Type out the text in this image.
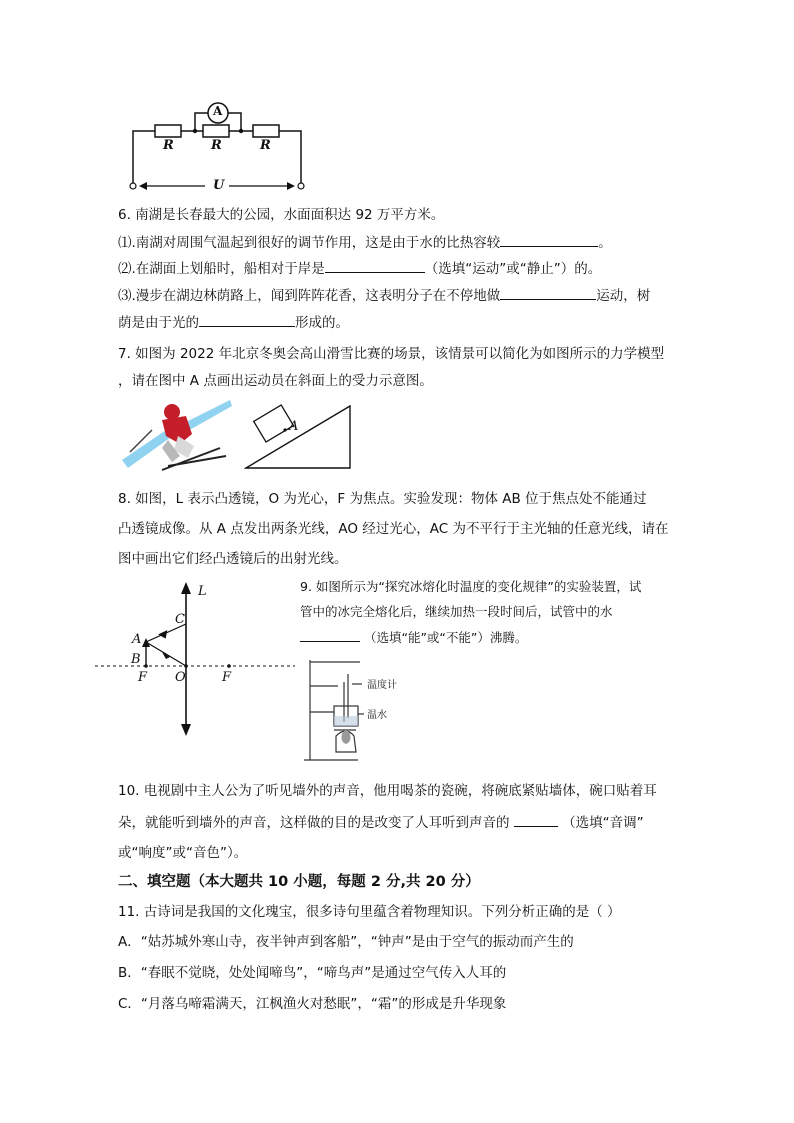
A
R	R	R
U
6. 南湖是长春最大的公园，水面面积达 92 万平方米。
⑴.南湖对周围气温起到很好的调节作用，这是由于水的比热容较	。
⑵.在湖面上划船时，船相对于岸是	（选填“运动”或“静止”）的。
⑶.漫步在湖边林荫路上，闻到阵阵花香，这表明分子在不停地做	运动，树
荫是由于光的	形成的。
7. 如图为 2022 年北京冬奥会高山滑雪比赛的场景，该情景可以简化为如图所示的力学模型
，请在图中 A 点画出运动员在斜面上的受力示意图。
A
8. 如图，L 表示凸透镜，O 为光心，F 为焦点。实验发现：物体 AB 位于焦点处不能通过
凸透镜成像。从 A 点发出两条光线，AO 经过光心，AC 为不平行于主光轴的任意光线，请在
图中画出它们经凸透镜后的出射光线。
L
C
A
B
F O	F
9. 如图所示为“探究冰熔化时温度的变化规律”的实验装置，试
管中的冰完全熔化后，继续加热一段时间后，试管中的水
（选填“能”或“不能”）沸腾。
温度计
温水
10. 电视剧中主人公为了听见墙外的声音，他用喝茶的瓷碗，将碗底紧贴墙体，碗口贴着耳
朵，就能听到墙外的声音，这样做的目的是改变了人耳听到声音的	（选填“音调”
或“响度”或“音色”）。
二、填空题（本大题共 10 小题，每题 2 分,共 20 分）
11. 古诗词是我国的文化瑰宝，很多诗句里蕴含着物理知识。下列分析正确的是（ ）
A．“姑苏城外寒山寺，夜半钟声到客船”，“钟声”是由于空气的振动而产生的
B．“春眠不觉晓，处处闻啼鸟”，“啼鸟声”是通过空气传入人耳的
C．“月落乌啼霜满天，江枫渔火对愁眠”，“霜”的形成是升华现象
